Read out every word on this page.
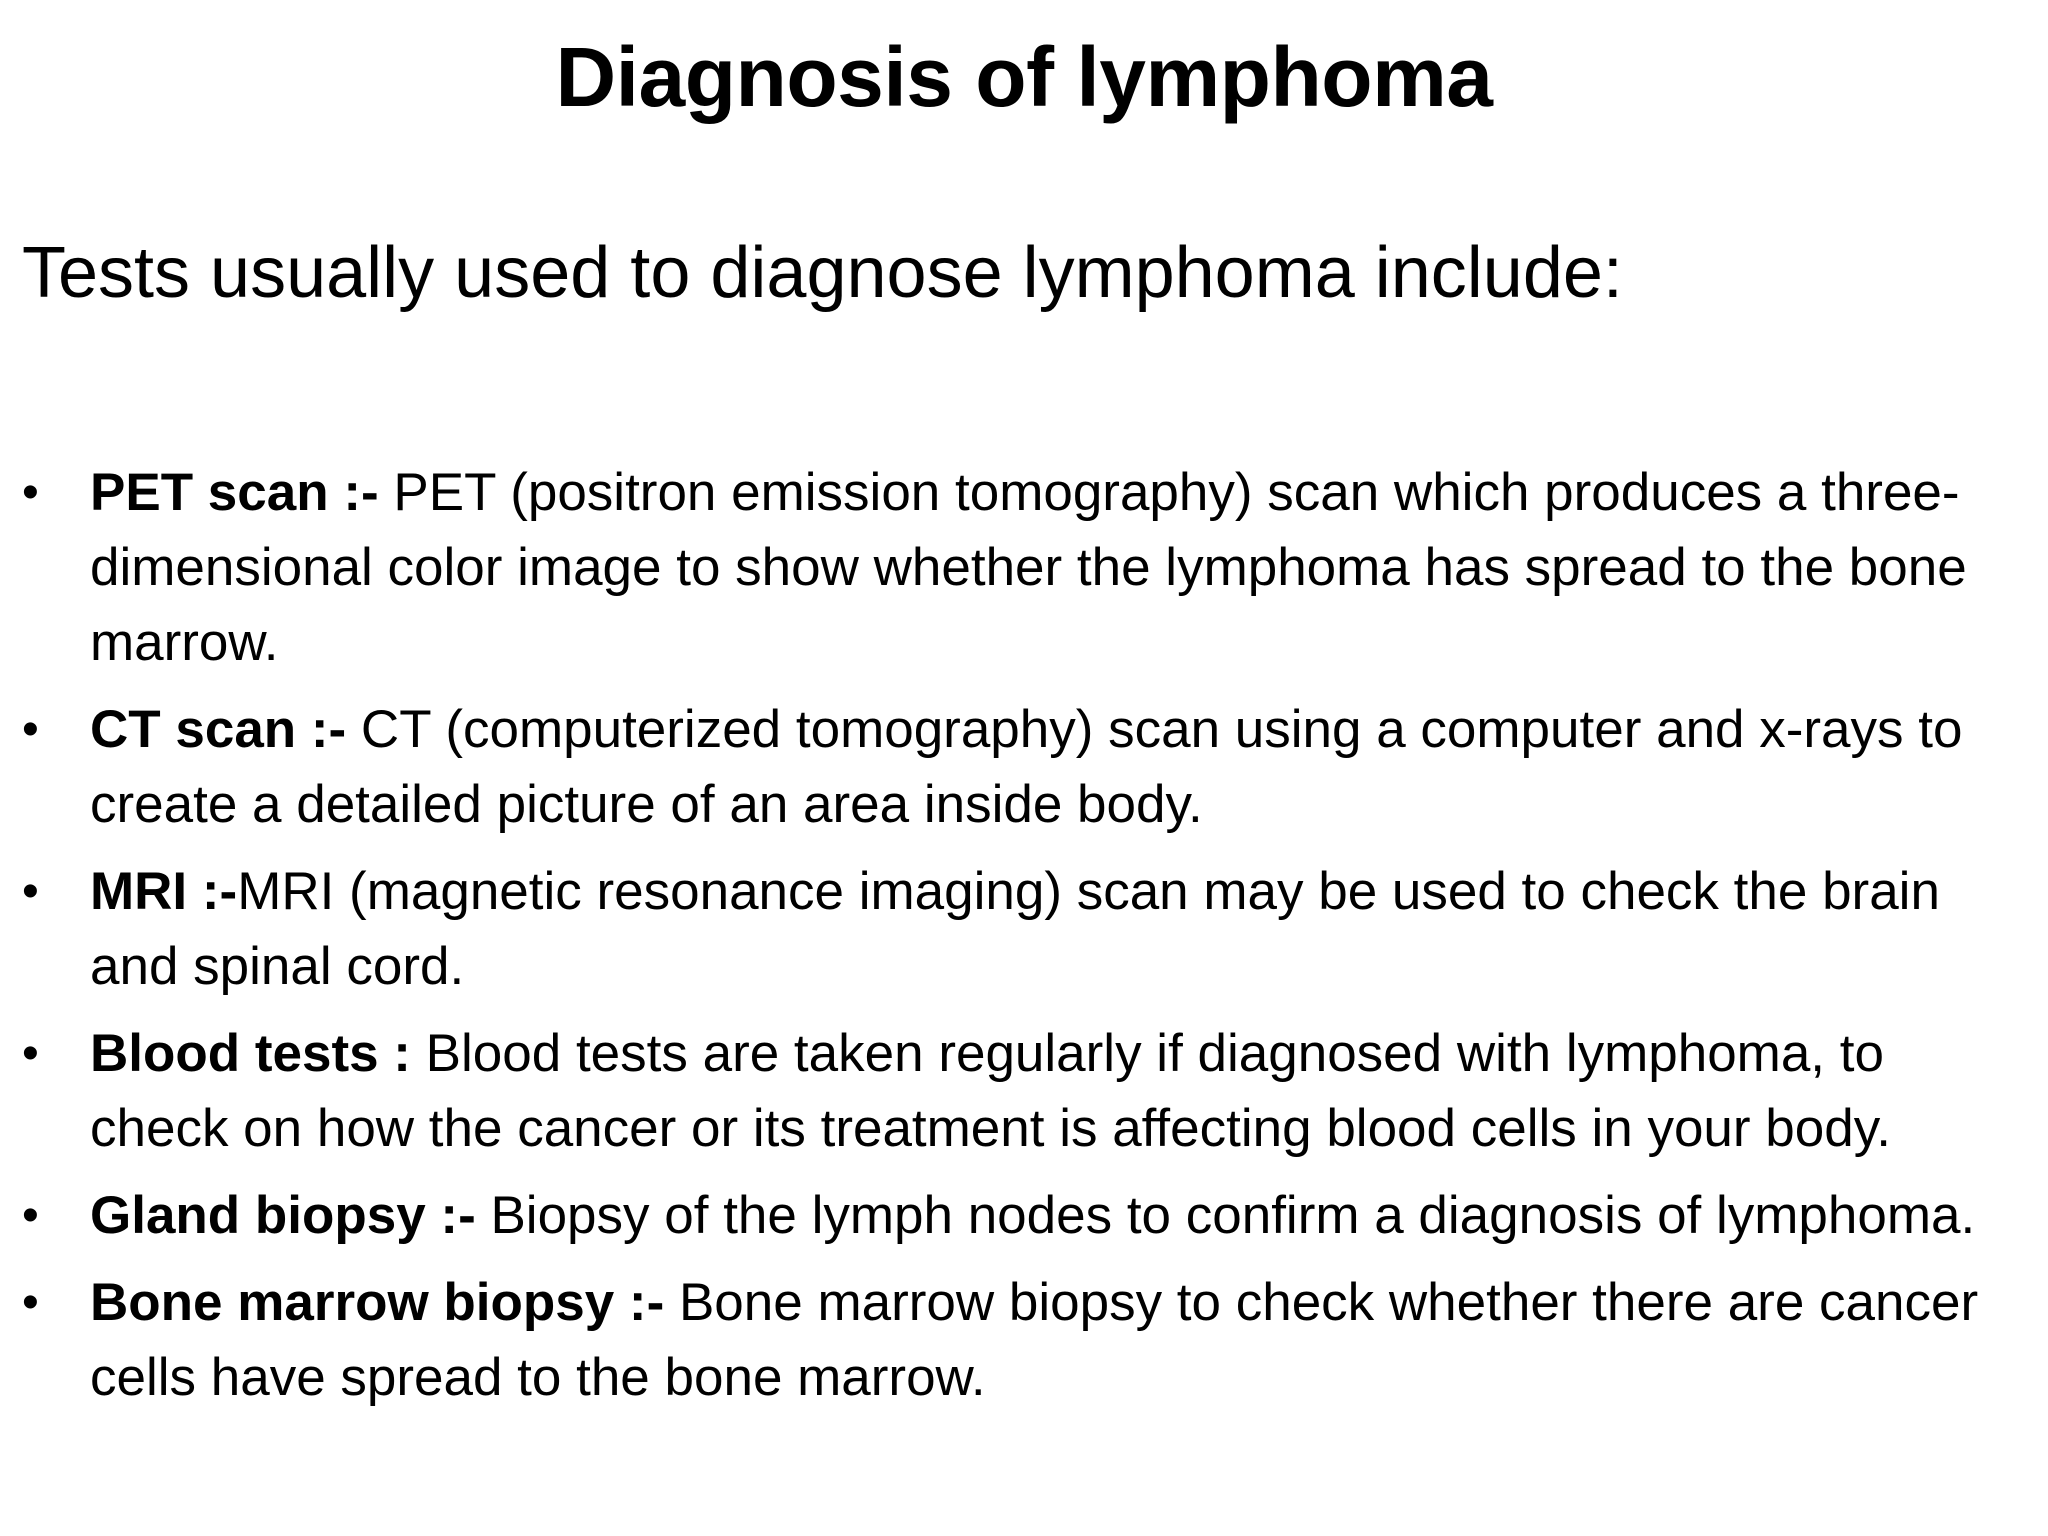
Diagnosis of lymphoma

Tests usually used to diagnose lymphoma include:

• PET scan :- PET (positron emission tomography) scan which produces a three-dimensional color image to show whether the lymphoma has spread to the bone marrow.
• CT scan :- CT (computerized tomography) scan using a computer and x-rays to create a detailed picture of an area inside body.
• MRI :-MRI (magnetic resonance imaging) scan may be used to check the brain and spinal cord.
• Blood tests : Blood tests are taken regularly if diagnosed with lymphoma, to check on how the cancer or its treatment is affecting blood cells in your body.
• Gland biopsy :- Biopsy of the lymph nodes to confirm a diagnosis of lymphoma.
• Bone marrow biopsy :- Bone marrow biopsy to check whether there are cancer cells have spread to the bone marrow.
